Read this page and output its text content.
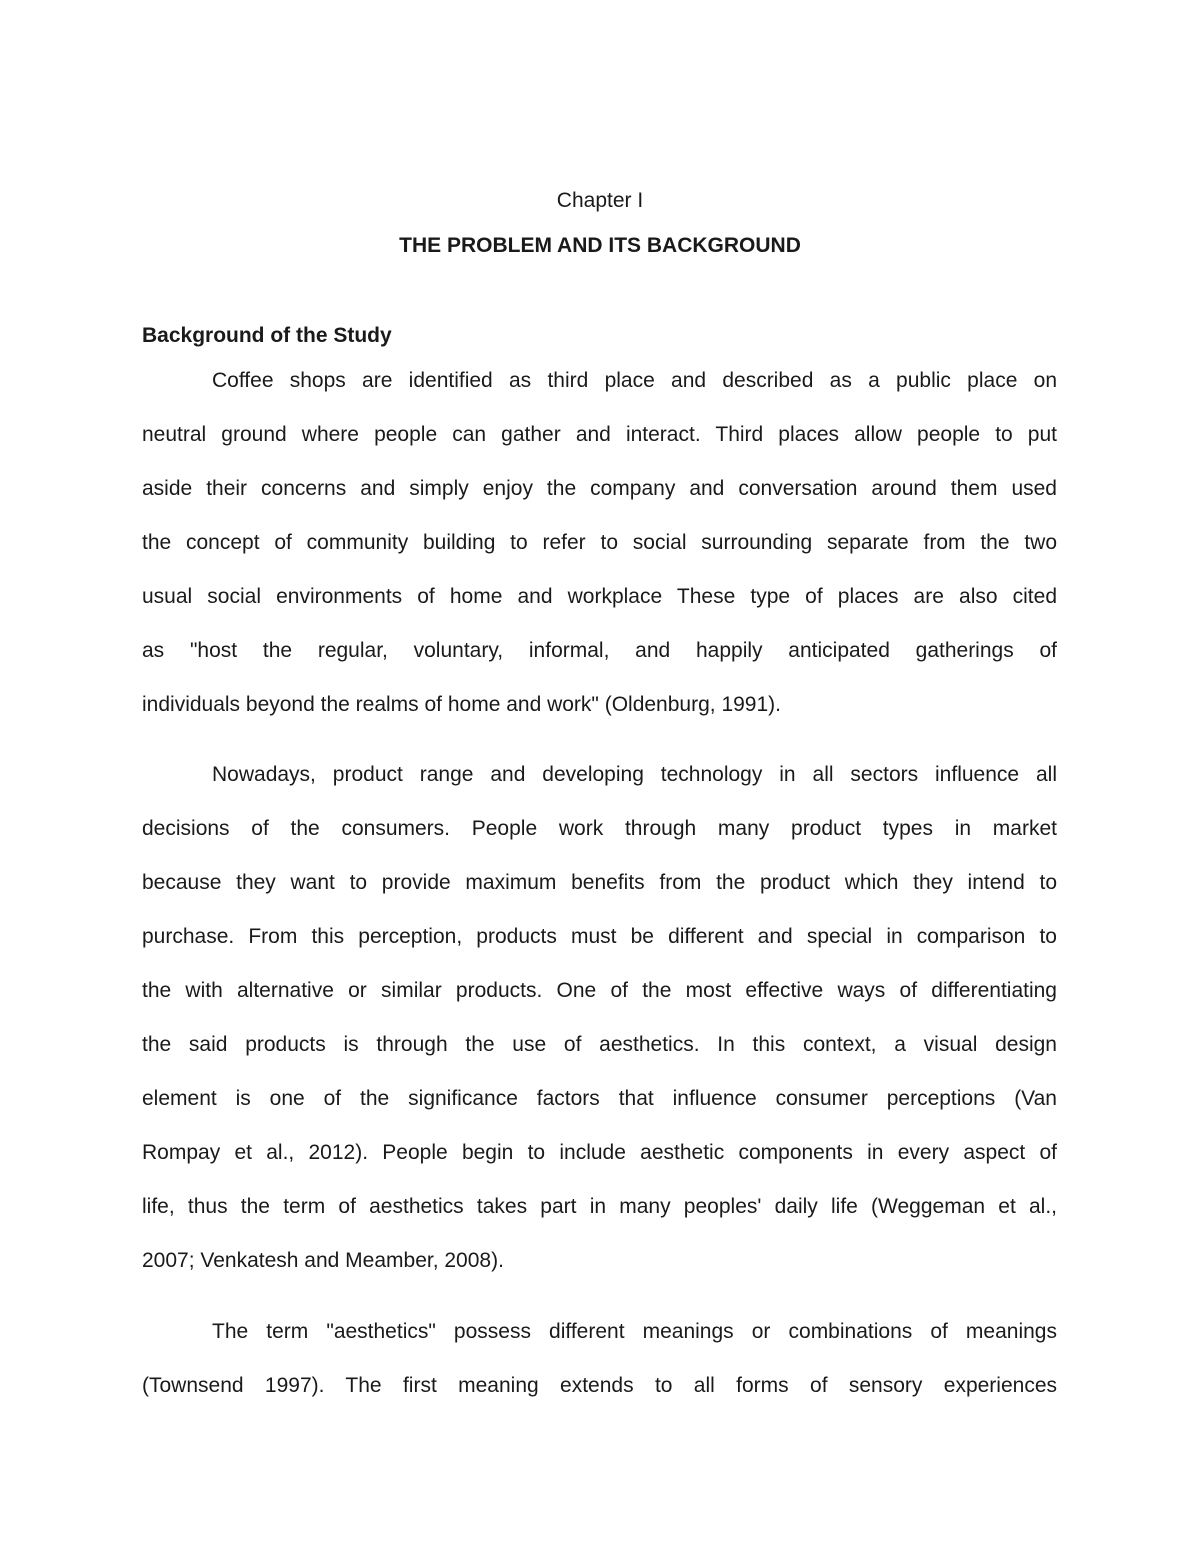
Chapter I
THE PROBLEM AND ITS BACKGROUND
Background of the Study
Coffee shops are identified as third place and described as a public place on
neutral ground where people can gather and interact. Third places allow people to put
aside their concerns and simply enjoy the company and conversation around them used
the concept of community building to refer to social surrounding separate from the two
usual social environments of home and workplace These type of places are also cited
as "host the regular, voluntary, informal, and happily anticipated gatherings of
individuals beyond the realms of home and work" (Oldenburg, 1991).
Nowadays, product range and developing technology in all sectors influence all
decisions of the consumers. People work through many product types in market
because they want to provide maximum benefits from the product which they intend to
purchase. From this perception, products must be different and special in comparison to
the with alternative or similar products. One of the most effective ways of differentiating
the said products is through the use of aesthetics. In this context, a visual design
element is one of the significance factors that influence consumer perceptions (Van
Rompay et al., 2012). People begin to include aesthetic components in every aspect of
life, thus the term of aesthetics takes part in many peoples' daily life (Weggeman et al.,
2007; Venkatesh and Meamber, 2008).
The term "aesthetics" possess different meanings or combinations of meanings
(Townsend 1997). The first meaning extends to all forms of sensory experiences
